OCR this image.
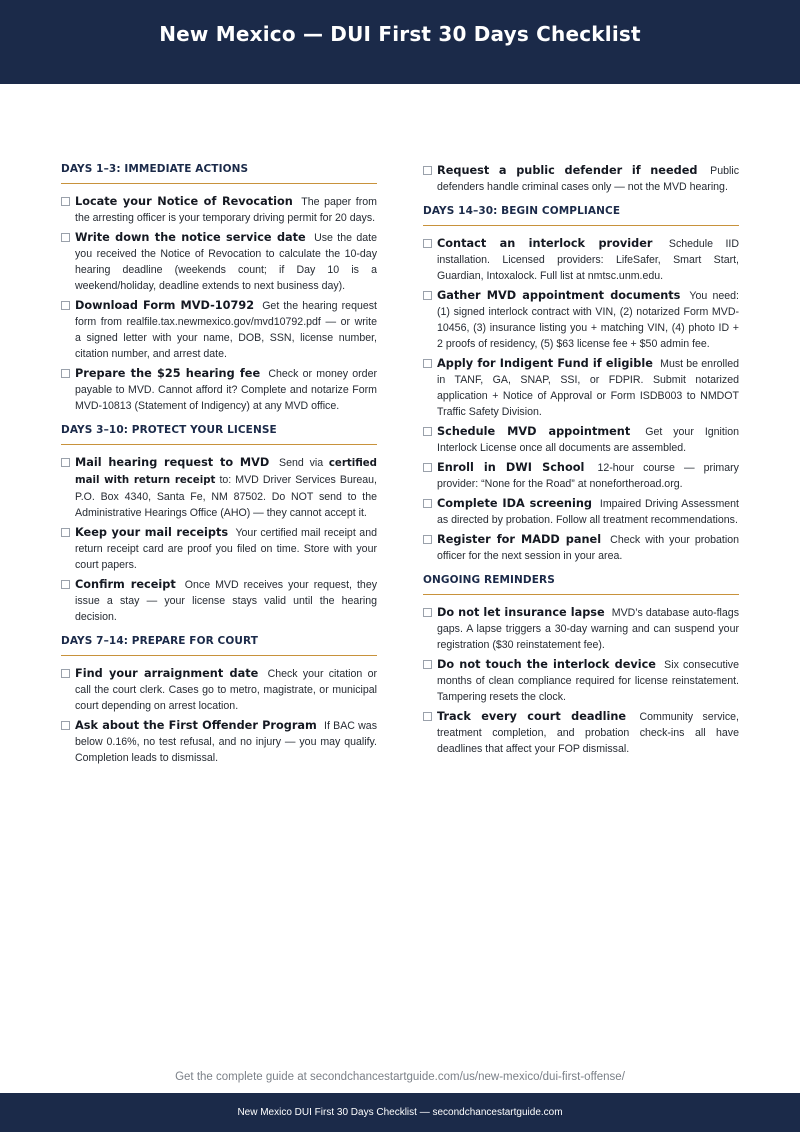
New Mexico — DUI First 30 Days Checklist
DAYS 1–3: IMMEDIATE ACTIONS
Locate your Notice of Revocation The paper from the arresting officer is your temporary driving permit for 20 days.
Write down the notice service date Use the date you received the Notice of Revocation to calculate the 10-day hearing deadline (weekends count; if Day 10 is a weekend/holiday, deadline extends to next business day).
Download Form MVD-10792 Get the hearing request form from realfile.tax.newmexico.gov/mvd10792.pdf — or write a signed letter with your name, DOB, SSN, license number, citation number, and arrest date.
Prepare the $25 hearing fee Check or money order payable to MVD. Cannot afford it? Complete and notarize Form MVD-10813 (Statement of Indigency) at any MVD office.
DAYS 3–10: PROTECT YOUR LICENSE
Mail hearing request to MVD Send via certified mail with return receipt to: MVD Driver Services Bureau, P.O. Box 4340, Santa Fe, NM 87502. Do NOT send to the Administrative Hearings Office (AHO) — they cannot accept it.
Keep your mail receipts Your certified mail receipt and return receipt card are proof you filed on time. Store with your court papers.
Confirm receipt Once MVD receives your request, they issue a stay — your license stays valid until the hearing decision.
DAYS 7–14: PREPARE FOR COURT
Find your arraignment date Check your citation or call the court clerk. Cases go to metro, magistrate, or municipal court depending on arrest location.
Ask about the First Offender Program If BAC was below 0.16%, no test refusal, and no injury — you may qualify. Completion leads to dismissal.
Request a public defender if needed Public defenders handle criminal cases only — not the MVD hearing.
DAYS 14–30: BEGIN COMPLIANCE
Contact an interlock provider Schedule IID installation. Licensed providers: LifeSafer, Smart Start, Guardian, Intoxalock. Full list at nmtsc.unm.edu.
Gather MVD appointment documents You need: (1) signed interlock contract with VIN, (2) notarized Form MVD-10456, (3) insurance listing you + matching VIN, (4) photo ID + 2 proofs of residency, (5) $63 license fee + $50 admin fee.
Apply for Indigent Fund if eligible Must be enrolled in TANF, GA, SNAP, SSI, or FDPIR. Submit notarized application + Notice of Approval or Form ISDB003 to NMDOT Traffic Safety Division.
Schedule MVD appointment Get your Ignition Interlock License once all documents are assembled.
Enroll in DWI School 12-hour course — primary provider: “None for the Road” at nonefortheroad.org.
Complete IDA screening Impaired Driving Assessment as directed by probation. Follow all treatment recommendations.
Register for MADD panel Check with your probation officer for the next session in your area.
ONGOING REMINDERS
Do not let insurance lapse MVD’s database auto-flags gaps. A lapse triggers a 30-day warning and can suspend your registration ($30 reinstatement fee).
Do not touch the interlock device Six consecutive months of clean compliance required for license reinstatement. Tampering resets the clock.
Track every court deadline Community service, treatment completion, and probation check-ins all have deadlines that affect your FOP dismissal.
Get the complete guide at secondchancestartguide.com/us/new-mexico/dui-first-offense/
New Mexico DUI First 30 Days Checklist — secondchancestartguide.com
